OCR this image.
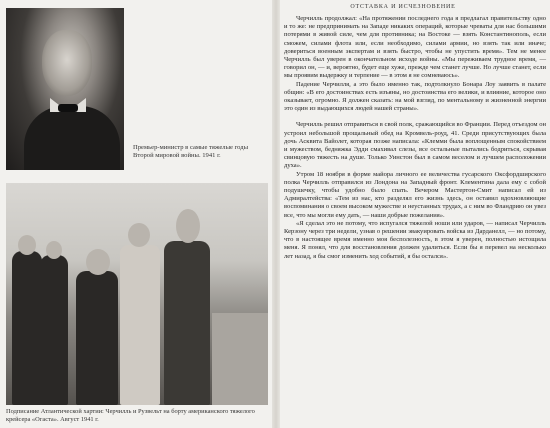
ОТСТАВКА И ИСЧЕЗНОВЕНИЕ
Премьер-министр в самые тяжелые годы Второй мировой войны. 1941 г.
Подписание Атлантической хартии: Черчилль и Рузвельт на борту американского тяжелого крейсера «Огаста». Август 1941 г.

Черчилль продолжал: «На протяжении последнего года я предлагал правительству одно и то же: не предпринимать на Западе никаких операций, которые чреваты для нас большими потерями в живой силе, чем для противника; на Востоке — взять Константинополь, если сможем, силами флота или, если необходимо, силами армии, но взять так или иначе; довериться военным экспертам и взять быстро, чтобы не упустить время». Тем не менее Черчилль был уверен в окончательном исходе войны. «Мы переживаем трудное время, — говорил он, — и, вероятно, будет еще хуже, прежде чем станет лучше. Но лучше станет, если мы проявим выдержку и терпение — в этом я не сомневаюсь».

Падение Черчилля, а это было именно так, подтолкнуло Бонара Лоу заявить в палате общин: «В его достоинствах есть изъяны, но достоинства его велики, и влияние, которое оно оказывает, огромно. Я должен сказать: на мой взгляд, по ментальному и жизненной энергии это один из выдающихся людей нашей страны».

Черчилль решил отправиться в свой полк, сражающийся во Франции. Перед отъездом он устроил небольшой прощальный обед на Кромвель-роуд, 41. Среди присутствующих была дочь Асквита Вайолет, которая позже написала: «Клемми была воплощенным спокойствием и мужеством, бедняжка Эдди смахивал слезы, все остальные пытались бодриться, скрывая свинцовую тяжесть на душе. Только Уинстон был в самом веселом и лучшем расположении духа».

Утром 18 ноября в форме майора личного ее величества гусарского Оксфордширского полка Черчилль отправился из Лондона на Западный фронт. Клементина дала ему с собой подушечку, чтобы удобно было спать. Вечером Мастертон-Смит написал ей из Адмиралтейства: «Тем из нас, кто разделял его жизнь здесь, он оставил вдохновляющие воспоминания о своем высоком мужестве и неустанных трудах, а с ним во Фландрию он увез все, что мы могли ему дать, — наши добрые пожелания».

«Я сделал это не потому, что испугался тяжелой ноши или ударов, — написал Черчилль Керзону через три недели, узнав о решении эвакуировать войска из Дарданелл, — но потому, что в настоящее время именно моя бесполезность, в этом я уверен, полностью истощила меня. Я понял, что для восстановления должен удалиться. Если бы я перевел на несколько лет назад, я бы смог изменить ход событий, я бы остался».
